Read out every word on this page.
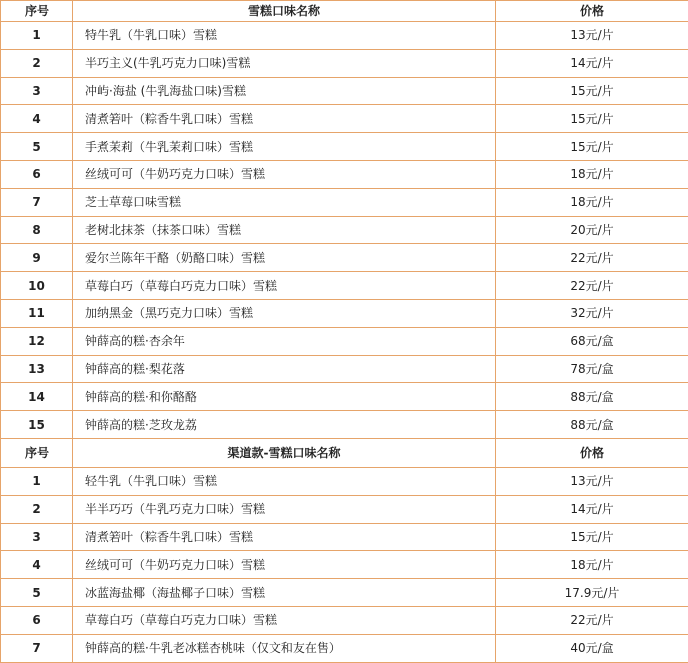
序号	雪糕口味名称	价格
1	特牛乳（牛乳口味）雪糕	13元/片
2	半巧主义(牛乳巧克力口味)雪糕	14元/片
3	冲屿·海盐 (牛乳海盐口味)雪糕	15元/片
4	清煮箬叶（粽香牛乳口味）雪糕	15元/片
5	手煮茉莉（牛乳茉莉口味）雪糕	15元/片
6	丝绒可可（牛奶巧克力口味）雪糕	18元/片
7	芝士草莓口味雪糕	18元/片
8	老树北抹茶（抹茶口味）雪糕	20元/片
9	爱尔兰陈年干酪（奶酪口味）雪糕	22元/片
10	草莓白巧（草莓白巧克力口味）雪糕	22元/片
11	加纳黑金（黑巧克力口味）雪糕	32元/片
12	钟薛高的糕·杏余年	68元/盒
13	钟薛高的糕·梨花落	78元/盒
14	钟薛高的糕·和你酪酪	88元/盒
15	钟薛高的糕·芝玫龙荔	88元/盒
序号	渠道款-雪糕口味名称	价格
1	轻牛乳（牛乳口味）雪糕	13元/片
2	半半巧巧（牛乳巧克力口味）雪糕	14元/片
3	清煮箬叶（粽香牛乳口味）雪糕	15元/片
4	丝绒可可（牛奶巧克力口味）雪糕	18元/片
5	冰蓝海盐椰（海盐椰子口味）雪糕	17.9元/片
6	草莓白巧（草莓白巧克力口味）雪糕	22元/片
7	钟薛高的糕·牛乳老冰糕杏桃味（仅文和友在售）	40元/盒
